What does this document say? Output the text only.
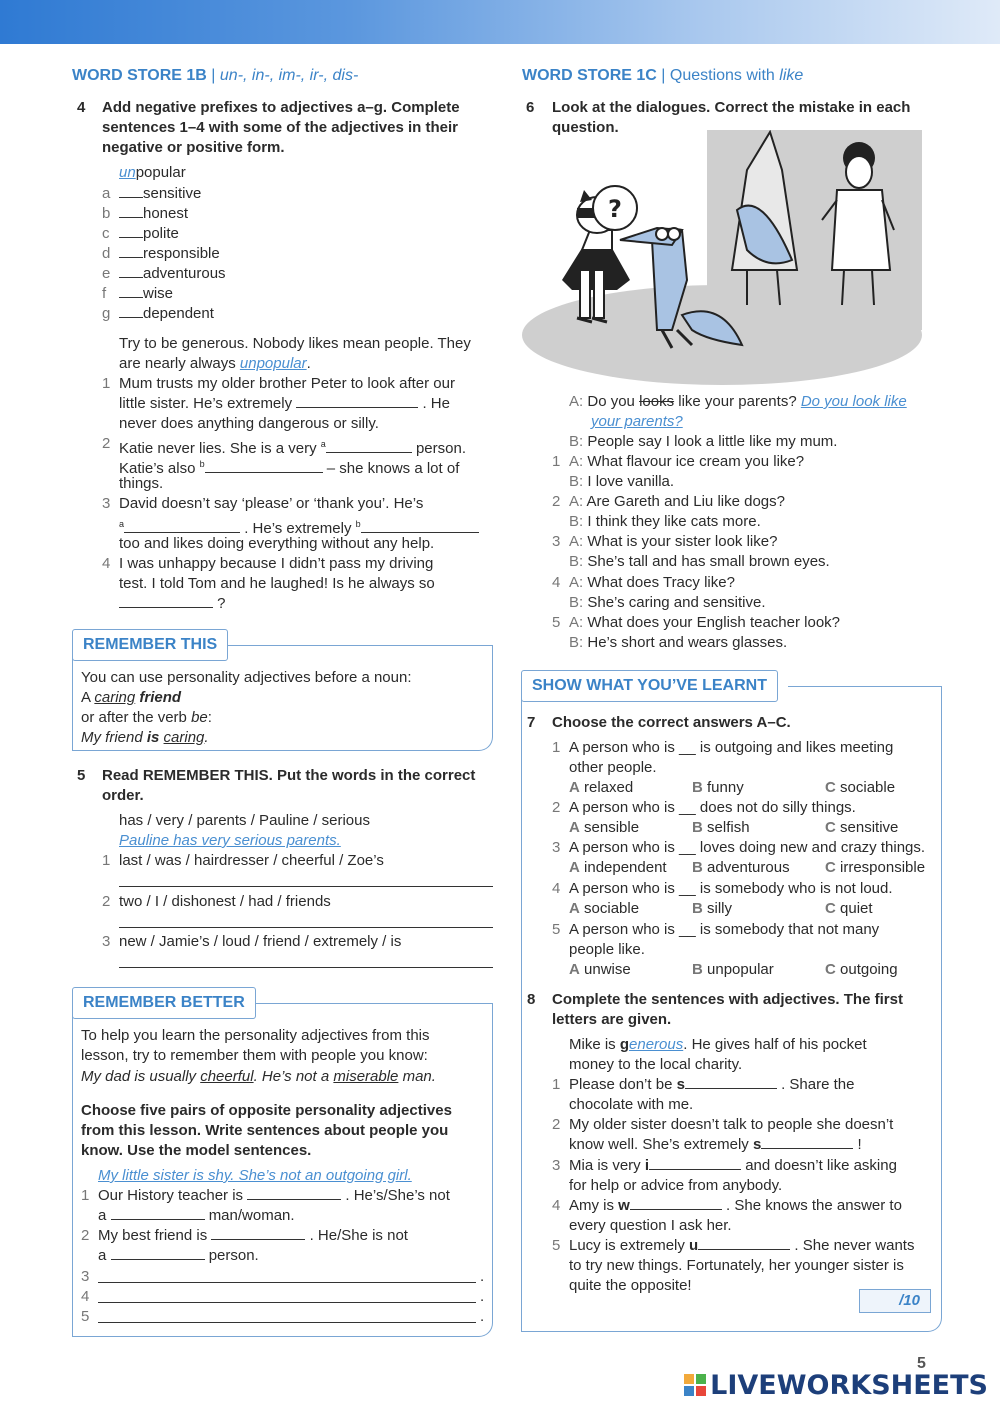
WORD STORE 1B | un-, in-, im-, ir-, dis-
4 Add negative prefixes to adjectives a–g. Complete
sentences 1–4 with some of the adjectives in their
negative or positive form.
unpopular
a	sensitive
b	honest
c	polite
d	responsible
e	adventurous
f	wise
g	dependent
Try to be generous. Nobody likes mean people. They
are nearly always unpopular.
1 Mum trusts my older brother Peter to look after our
little sister. He’s extremely	. He
never does anything dangerous or silly.
2 Katie never lies. She is a very $^a$	person.
Katie’s also $^b$	– she knows a lot of
things.
3 David doesn’t say ‘please’ or ‘thank you’. He’s
$^a$	. He’s extremely $^b$
too and likes doing everything without any help.
4 I was unhappy because I didn’t pass my driving
test. I told Tom and he laughed! Is he always so
?
REMEMBER THIS
You can use personality adjectives before a noun:
A caring friend
or after the verb be:
My friend is caring.
5 Read REMEMBER THIS. Put the words in the correct
order.
has / very / parents / Pauline / serious
Pauline has very serious parents.
1 last / was / hairdresser / cheerful / Zoe’s
2 two / I / dishonest / had / friends
3 new / Jamie’s / loud / friend / extremely / is
REMEMBER BETTER
To help you learn the personality adjectives from this
lesson, try to remember them with people you know:
My dad is usually cheerful. He’s not a miserable man.
Choose five pairs of opposite personality adjectives
from this lesson. Write sentences about people you
know. Use the model sentences.
My little sister is shy. She’s not an outgoing girl.
1 Our History teacher is	. He’s/She’s not
a	man/woman.
2 My best friend is	. He/She is not
a	person.
3	.
4	.
5	.
WORD STORE 1C | Questions with like
6 Look at the dialogues. Correct the mistake in each
question.
?
A: Do you looks like your parents? Do you look like
your parents?
B: People say I look a little like my mum.
1 A: What flavour ice cream you like?
B: I love vanilla.
2 A: Are Gareth and Liu like dogs?
B: I think they like cats more.
3 A: What is your sister look like?
B: She’s tall and has small brown eyes.
4 A: What does Tracy like?
B: She’s caring and sensitive.
5 A: What does your English teacher look?
B: He’s short and wears glasses.
SHOW WHAT YOU’VE LEARNT
7 Choose the correct answers A–C.
1 A person who is __ is outgoing and likes meeting
other people.
A relaxed	B funny	C sociable
2 A person who is __ does not do silly things.
A sensible	B selfish	C sensitive
3 A person who is __ loves doing new and crazy things.
A independent B adventurous C irresponsible
4 A person who is __ is somebody who is not loud.
A sociable	B silly	C quiet
5 A person who is __ is somebody that not many
people like.
A unwise	B unpopular	C outgoing
8 Complete the sentences with adjectives. The first
letters are given.
Mike is generous. He gives half of his pocket
money to the local charity.
1 Please don’t be s	. Share the
chocolate with me.
2 My older sister doesn’t talk to people she doesn’t
know well. She’s extremely s	!
3 Mia is very i	and doesn’t like asking
for help or advice from anybody.
4 Amy is w	. She knows the answer to
every question I ask her.
5 Lucy is extremely u	. She never wants
to try new things. Fortunately, her younger sister is
quite the opposite!
/10
5
LIVEWORKSHEETS
